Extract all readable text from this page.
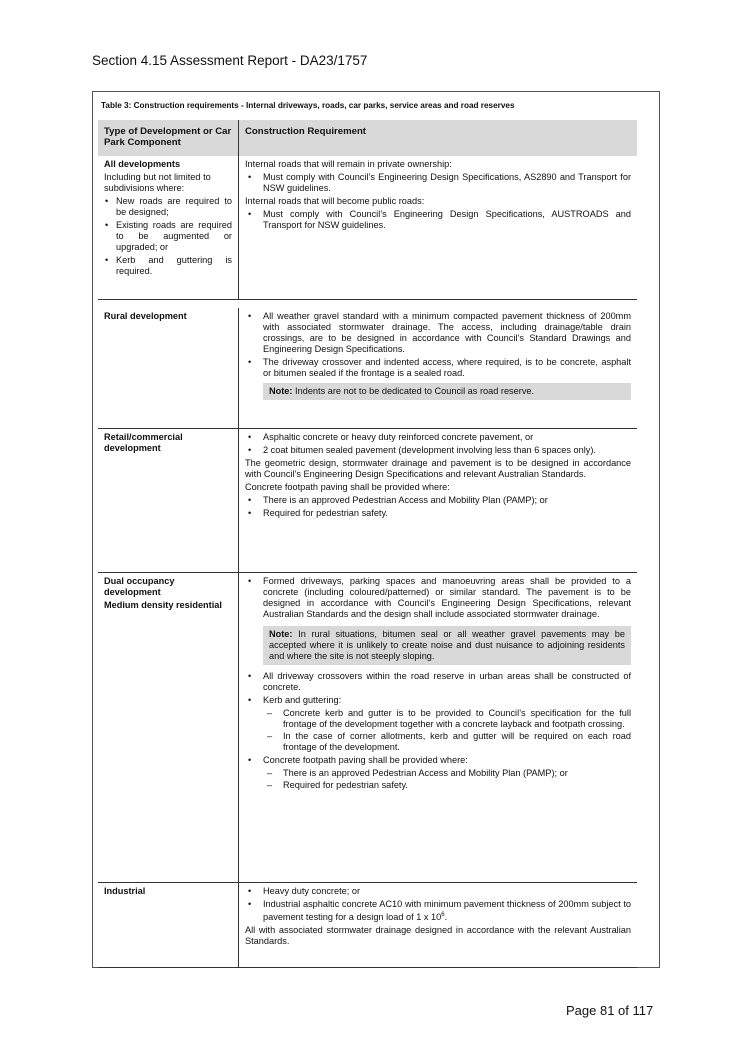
Section 4.15 Assessment Report - DA23/1757
Table 3: Construction requirements - Internal driveways, roads, car parks, service areas and road reserves
Type of Development or Car Park Component
Construction Requirement

All developments

Including but not limited to subdivisions where:

• New roads are required to be designed;
• Existing roads are required to be augmented or upgraded; or
• Kerb and guttering is required.

Internal roads that will remain in private ownership:

• Must comply with Council’s Engineering Design Specifications, AS2890 and Transport for NSW guidelines.

Internal roads that will become public roads:

• Must comply with Council’s Engineering Design Specifications, AUSTROADS and Transport for NSW guidelines.

Rural development	• All weather gravel standard with a minimum compacted pavement thickness of 200mm with associated stormwater drainage. The access, including drainage/table drain crossings, are to be designed in accordance with Council’s Standard Drawings and Engineering Design Specifications.
• The driveway crossover and indented access, where required, is to be concrete, asphalt or bitumen sealed if the frontage is a sealed road.
Note: Indents are not to be dedicated to Council as road reserve.

Retail/commercial development

• Asphaltic concrete or heavy duty reinforced concrete pavement, or
• 2 coat bitumen sealed pavement (development involving less than 6 spaces only).

The geometric design, stormwater drainage and pavement is to be designed in accordance with Council’s Engineering Design Specifications and relevant Australian Standards.

Concrete footpath paving shall be provided where:

• There is an approved Pedestrian Access and Mobility Plan (PAMP); or
• Required for pedestrian safety.

Dual occupancy development

Medium density residential

• Formed driveways, parking spaces and manoeuvring areas shall be provided to a concrete (including coloured/patterned) or similar standard. The pavement is to be designed in accordance with Council’s Engineering Design Specifications, relevant Australian Standards and the design shall include associated stormwater drainage.
Note: In rural situations, bitumen seal or all weather gravel pavements may be accepted where it is unlikely to create noise and dust nuisance to adjoining residents and where the site is not steeply sloping.
• All driveway crossovers within the road reserve in urban areas shall be constructed of concrete.
• Kerb and guttering:
– Concrete kerb and gutter is to be provided to Council’s specification for the full frontage of the development together with a concrete layback and footpath crossing.
– In the case of corner allotments, kerb and gutter will be required on each road frontage of the development.
• Concrete footpath paving shall be provided where:
– There is an approved Pedestrian Access and Mobility Plan (PAMP); or
– Required for pedestrian safety.

Industrial	• Heavy duty concrete; or
• Industrial asphaltic concrete AC10 with minimum pavement thickness of 200mm subject to pavement testing for a design load of 1 x $10^6$.

All with associated stormwater drainage designed in accordance with the relevant Australian Standards.

Page 81 of 117
